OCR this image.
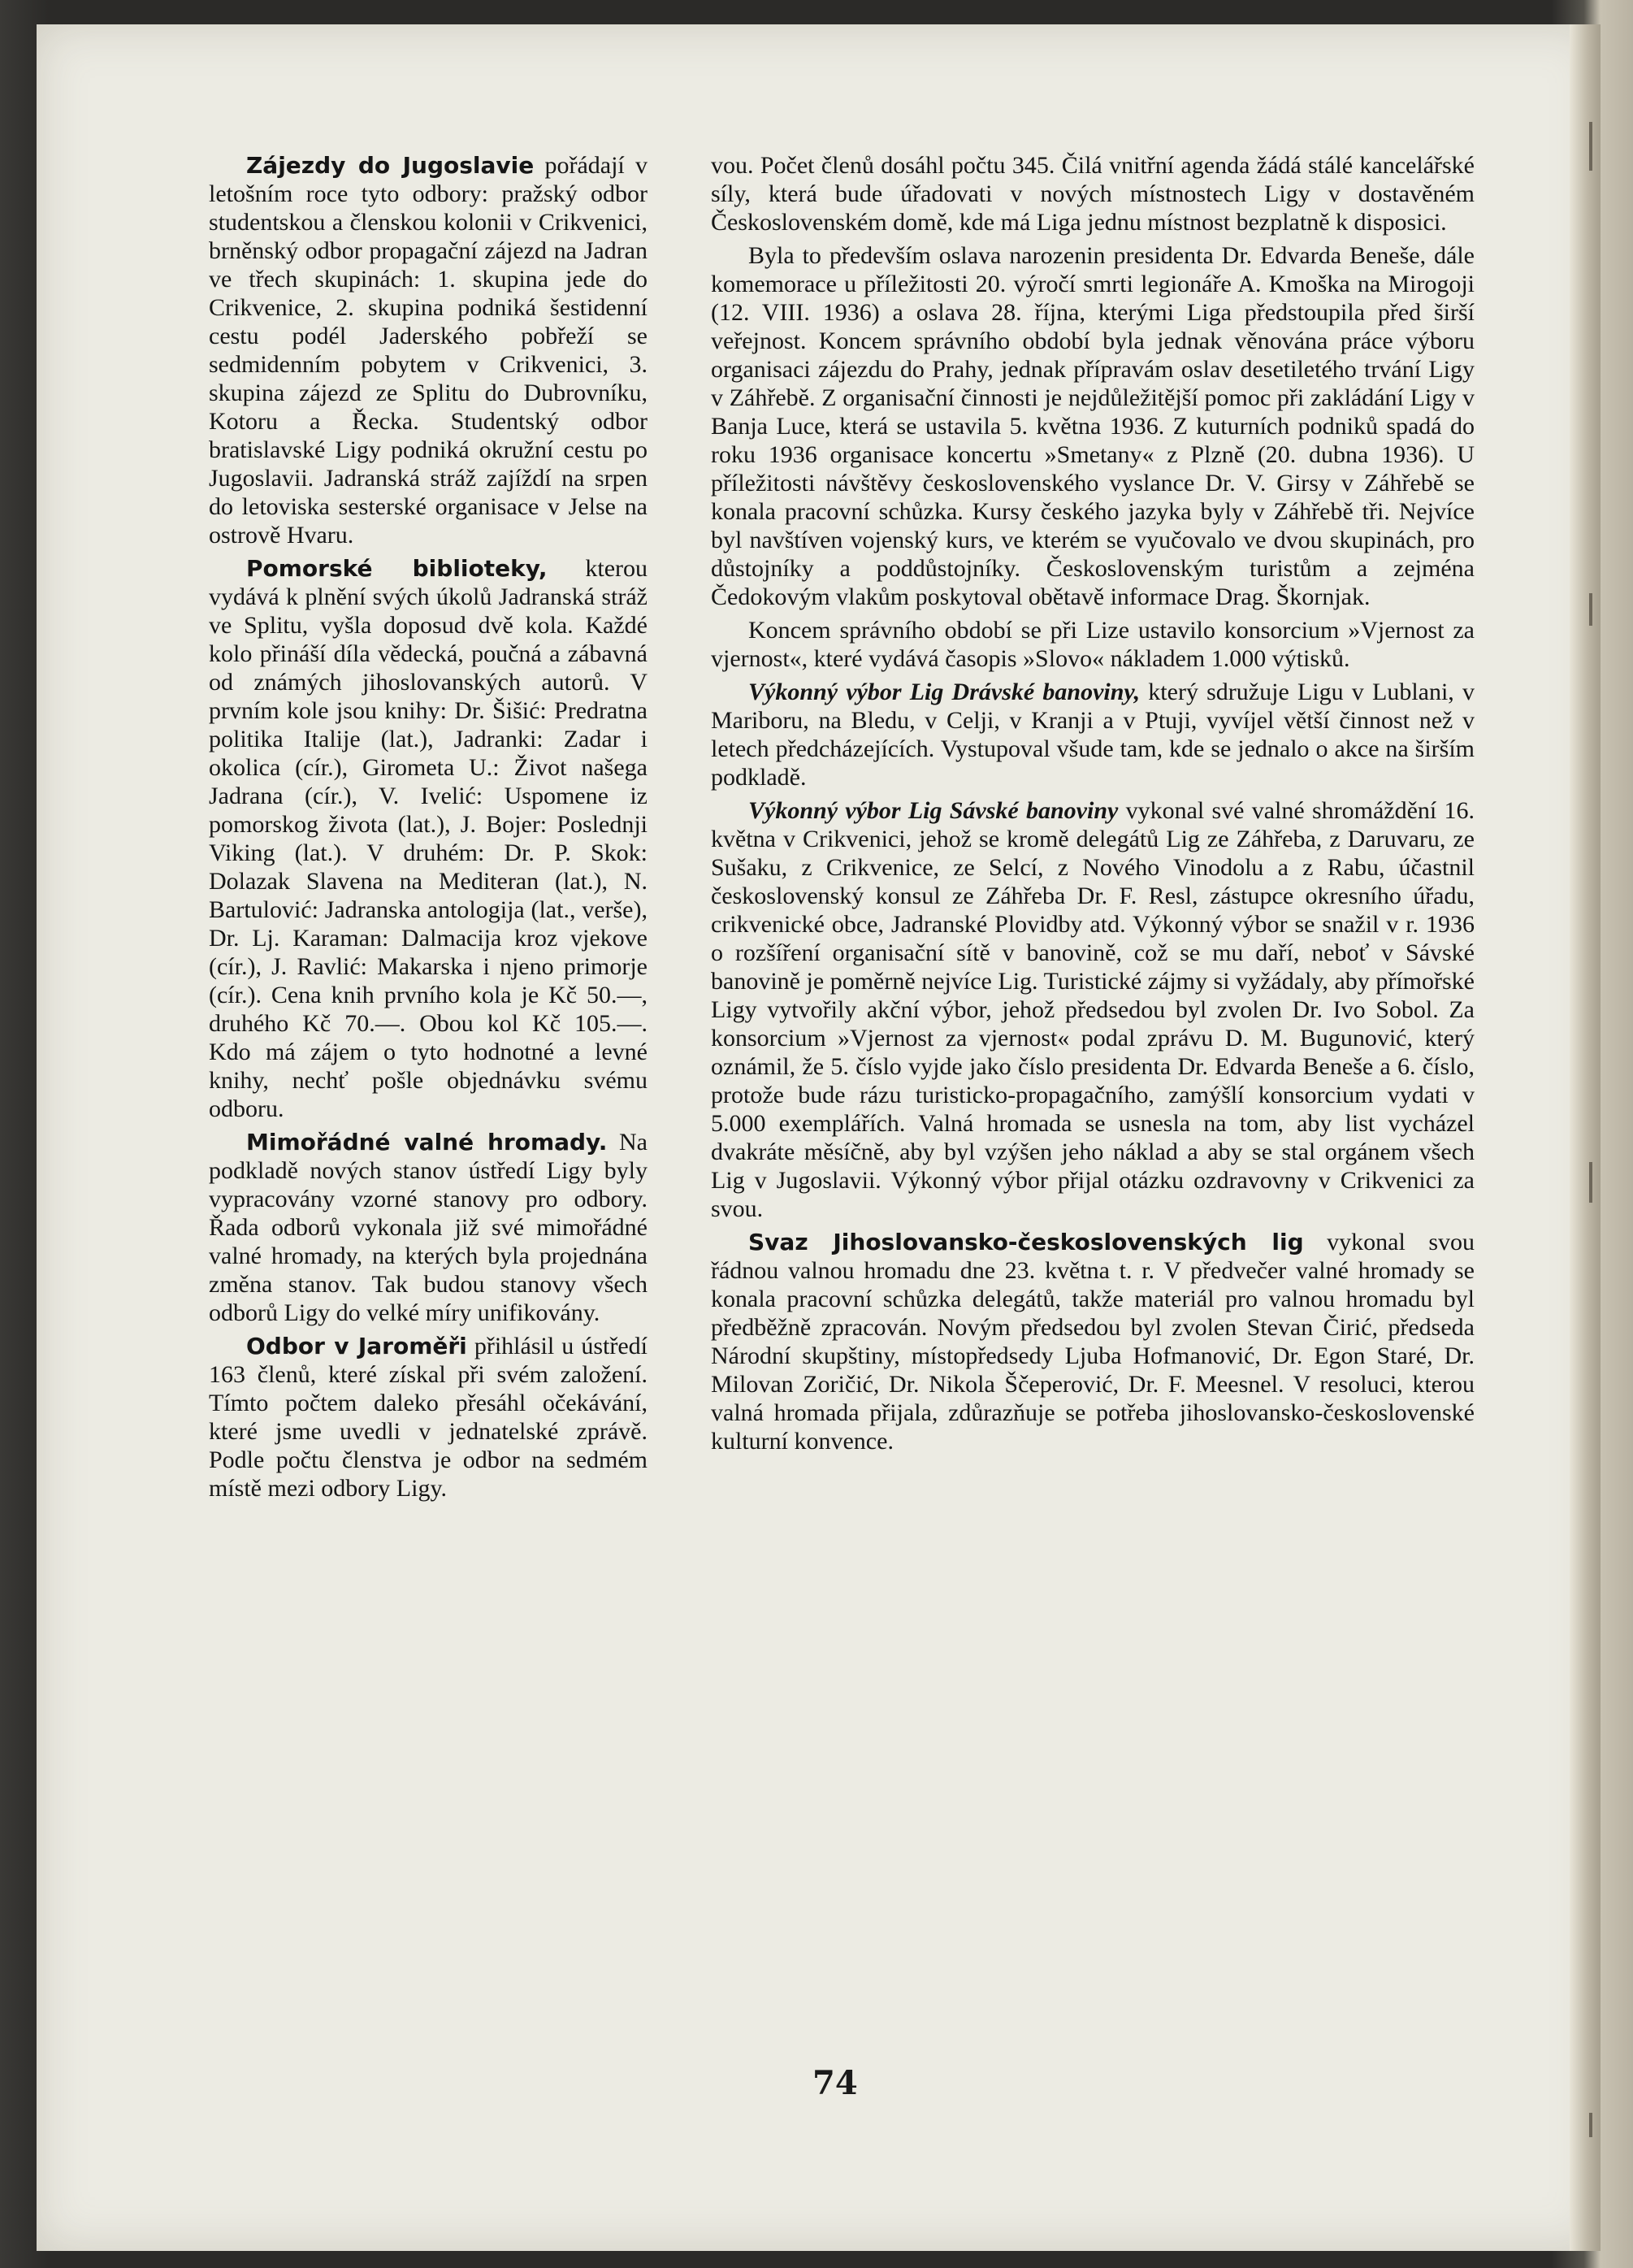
Zájezdy do Jugoslavie pořádají v letošním roce tyto odbory: pražský odbor studentskou a členskou kolonii v Crikvenici, brněnský odbor propagační zájezd na Jadran ve třech skupinách: 1. skupina jede do Crikvenice, 2. skupina podniká šestidenní cestu podél Jaderského pobřeží se sedmidenním pobytem v Crikvenici, 3. skupina zájezd ze Splitu do Dubrovníku, Kotoru a Řecka. Studentský odbor bratislavské Ligy podniká okružní cestu po Jugoslavii. Jadranská stráž zajíždí na srpen do letoviska sesterské organisace v Jelse na ostrově Hvaru.

Pomorské biblioteky, kterou vydává k plnění svých úkolů Jadranská stráž ve Splitu, vyšla doposud dvě kola. Každé kolo přináší díla vědecká, poučná a zábavná od známých jihoslovanských autorů. V prvním kole jsou knihy: Dr. Šišić: Predratna politika Italije (lat.), Jadranki: Zadar i okolica (cír.), Girometa U.: Život našega Jadrana (cír.), V. Ivelić: Uspomene iz pomorskog života (lat.), J. Bojer: Poslednji Viking (lat.). V druhém: Dr. P. Skok: Dolazak Slavena na Mediteran (lat.), N. Bartulović: Jadranska antologija (lat., verše), Dr. Lj. Karaman: Dalmacija kroz vjekove (cír.), J. Ravlić: Makarska i njeno primorje (cír.). Cena knih prvního kola je Kč 50.—, druhého Kč 70.—. Obou kol Kč 105.—. Kdo má zájem o tyto hodnotné a levné knihy, nechť pošle objednávku svému odboru.

Mimořádné valné hromady. Na podkladě nových stanov ústředí Ligy byly vypracovány vzorné stanovy pro odbory. Řada odborů vykonala již své mimořádné valné hromady, na kterých byla projednána změna stanov. Tak budou stanovy všech odborů Ligy do velké míry unifikovány.

Odbor v Jaroměři přihlásil u ústředí 163 členů, které získal při svém založení. Tímto počtem daleko přesáhl očekávání, které jsme uvedli v jednatelské zprávě. Podle počtu členstva je odbor na sedmém místě mezi odbory Ligy.

vou. Počet členů dosáhl počtu 345. Čilá vnitřní agenda žádá stálé kancelářské síly, která bude úřadovati v nových místnostech Ligy v dostavěném Československém domě, kde má Liga jednu místnost bezplatně k disposici.

Byla to především oslava narozenin presidenta Dr. Edvarda Beneše, dále komemorace u příležitosti 20. výročí smrti legionáře A. Kmoška na Mirogoji (12. VIII. 1936) a oslava 28. října, kterými Liga předstoupila před širší veřejnost. Koncem správního období byla jednak věnována práce výboru organisaci zájezdu do Prahy, jednak přípravám oslav desetiletého trvání Ligy v Záhřebě. Z organisační činnosti je nejdůležitější pomoc při zakládání Ligy v Banja Luce, která se ustavila 5. května 1936. Z kuturních podniků spadá do roku 1936 organisace koncertu »Smetany« z Plzně (20. dubna 1936). U příležitosti návštěvy československého vyslance Dr. V. Girsy v Záhřebě se konala pracovní schůzka. Kursy českého jazyka byly v Záhřebě tři. Nejvíce byl navštíven vojenský kurs, ve kterém se vyučovalo ve dvou skupinách, pro důstojníky a poddůstojníky. Československým turistům a zejména Čedokovým vlakům poskytoval obětavě informace Drag. Škornjak.

Koncem správního období se při Lize ustavilo konsorcium »Vjernost za vjernost«, které vydává časopis »Slovo« nákladem 1.000 výtisků.

Výkonný výbor Lig Drávské banoviny, který sdružuje Ligu v Lublani, v Mariboru, na Bledu, v Celji, v Kranji a v Ptuji, vyvíjel větší činnost než v letech předcházejících. Vystupoval všude tam, kde se jednalo o akce na širším podkladě.

Výkonný výbor Lig Sávské banoviny vykonal své valné shromáždění 16. května v Crikvenici, jehož se kromě delegátů Lig ze Záhřeba, z Daruvaru, ze Sušaku, z Crikvenice, ze Selcí, z Nového Vinodolu a z Rabu, účastnil československý konsul ze Záhřeba Dr. F. Resl, zástupce okresního úřadu, crikvenické obce, Jadranské Plovidby atd. Výkonný výbor se snažil v r. 1936 o rozšíření organisační sítě v banovině, což se mu daří, neboť v Sávské banovině je poměrně nejvíce Lig. Turistické zájmy si vyžádaly, aby přímořské Ligy vytvořily akční výbor, jehož předsedou byl zvolen Dr. Ivo Sobol. Za konsorcium »Vjernost za vjernost« podal zprávu D. M. Bugunović, který oznámil, že 5. číslo vyjde jako číslo presidenta Dr. Edvarda Beneše a 6. číslo, protože bude rázu turisticko-propagačního, zamýšlí konsorcium vydati v 5.000 exemplářích. Valná hromada se usnesla na tom, aby list vycházel dvakráte měsíčně, aby byl vzýšen jeho náklad a aby se stal orgánem všech Lig v Jugoslavii. Výkonný výbor přijal otázku ozdravovny v Crikvenici za svou.

Svaz Jihoslovansko-československých lig vykonal svou řádnou valnou hromadu dne 23. května t. r. V předvečer valné hromady se konala pracovní schůzka delegátů, takže materiál pro valnou hromadu byl předběžně zpracován. Novým předsedou byl zvolen Stevan Čirić, předseda Národní skupštiny, místopředsedy Ljuba Hofmanović, Dr. Egon Staré, Dr. Milovan Zoričić, Dr. Nikola Ščeperović, Dr. F. Meesnel. V resoluci, kterou valná hromada přijala, zdůrazňuje se potřeba jihoslovansko-československé kulturní konvence.

74
